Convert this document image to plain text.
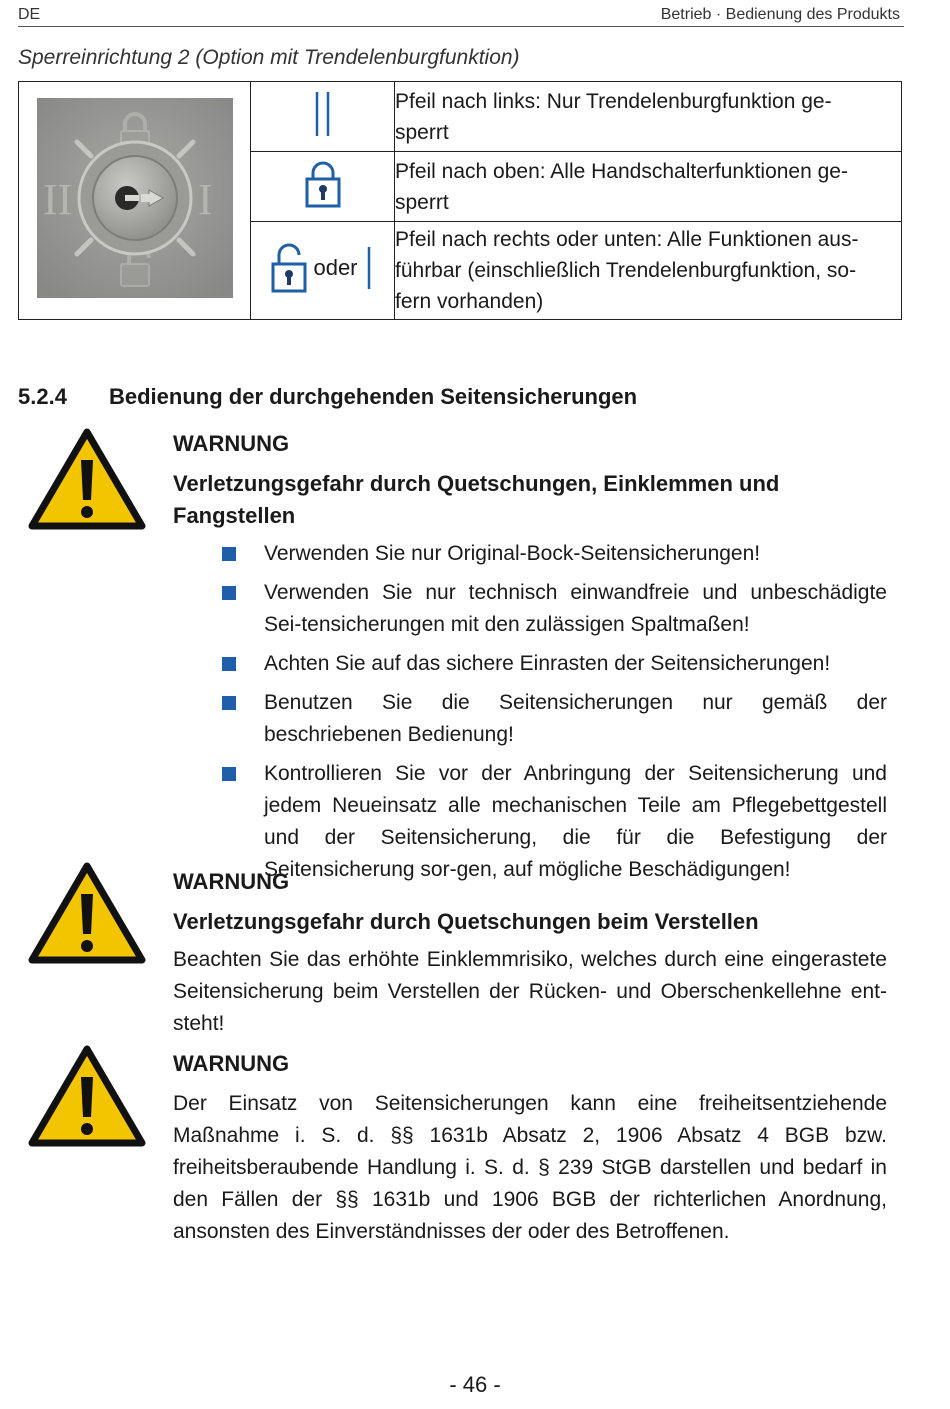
DE	Betrieb · Bedienung des Produkts
Sperreinrichtung 2 (Option mit Trendelenburgfunktion)
II I		Pfeil nach links: Nur Trendelenburgfunktion ge-
sperrt
	Pfeil nach oben: Alle Handschalterfunktionen ge-
sperrt

	oder	Pfeil nach rechts oder unten: Alle Funktionen aus-
führbar (einschließlich Trendelenburgfunktion, so-
fern vorhanden)
5.2.4 Bedienung der durchgehenden Seitensicherungen
WARNUNG
Verletzungsgefahr durch Quetschungen, Einklemmen und Fangstellen
Verwenden Sie nur Original-Bock-Seitensicherungen!
Verwenden Sie nur technisch einwandfreie und unbeschädigte Sei-tensicherungen mit den zulässigen Spaltmaßen!
Achten Sie auf das sichere Einrasten der Seitensicherungen!
Benutzen Sie die Seitensicherungen nur gemäß der beschriebenen Bedienung!
Kontrollieren Sie vor der Anbringung der Seitensicherung und jedem Neueinsatz alle mechanischen Teile am Pflegebettgestell und der Seitensicherung, die für die Befestigung der Seitensicherung sor-gen, auf mögliche Beschädigungen!
WARNUNG
Verletzungsgefahr durch Quetschungen beim Verstellen
Beachten Sie das erhöhte Einklemmrisiko, welches durch eine eingerastete Seitensicherung beim Verstellen der Rücken- und Oberschenkellehne ent-steht!
WARNUNG
Der Einsatz von Seitensicherungen kann eine freiheitsentziehende Maßnahme i. S. d. §§ 1631b Absatz 2, 1906 Absatz 4 BGB bzw. freiheitsberaubende Handlung i. S. d. § 239 StGB darstellen und bedarf in den Fällen der §§ 1631b und 1906 BGB der richterlichen Anordnung, ansonsten des Einverständnisses der oder des Betroffenen.
- 46 -
